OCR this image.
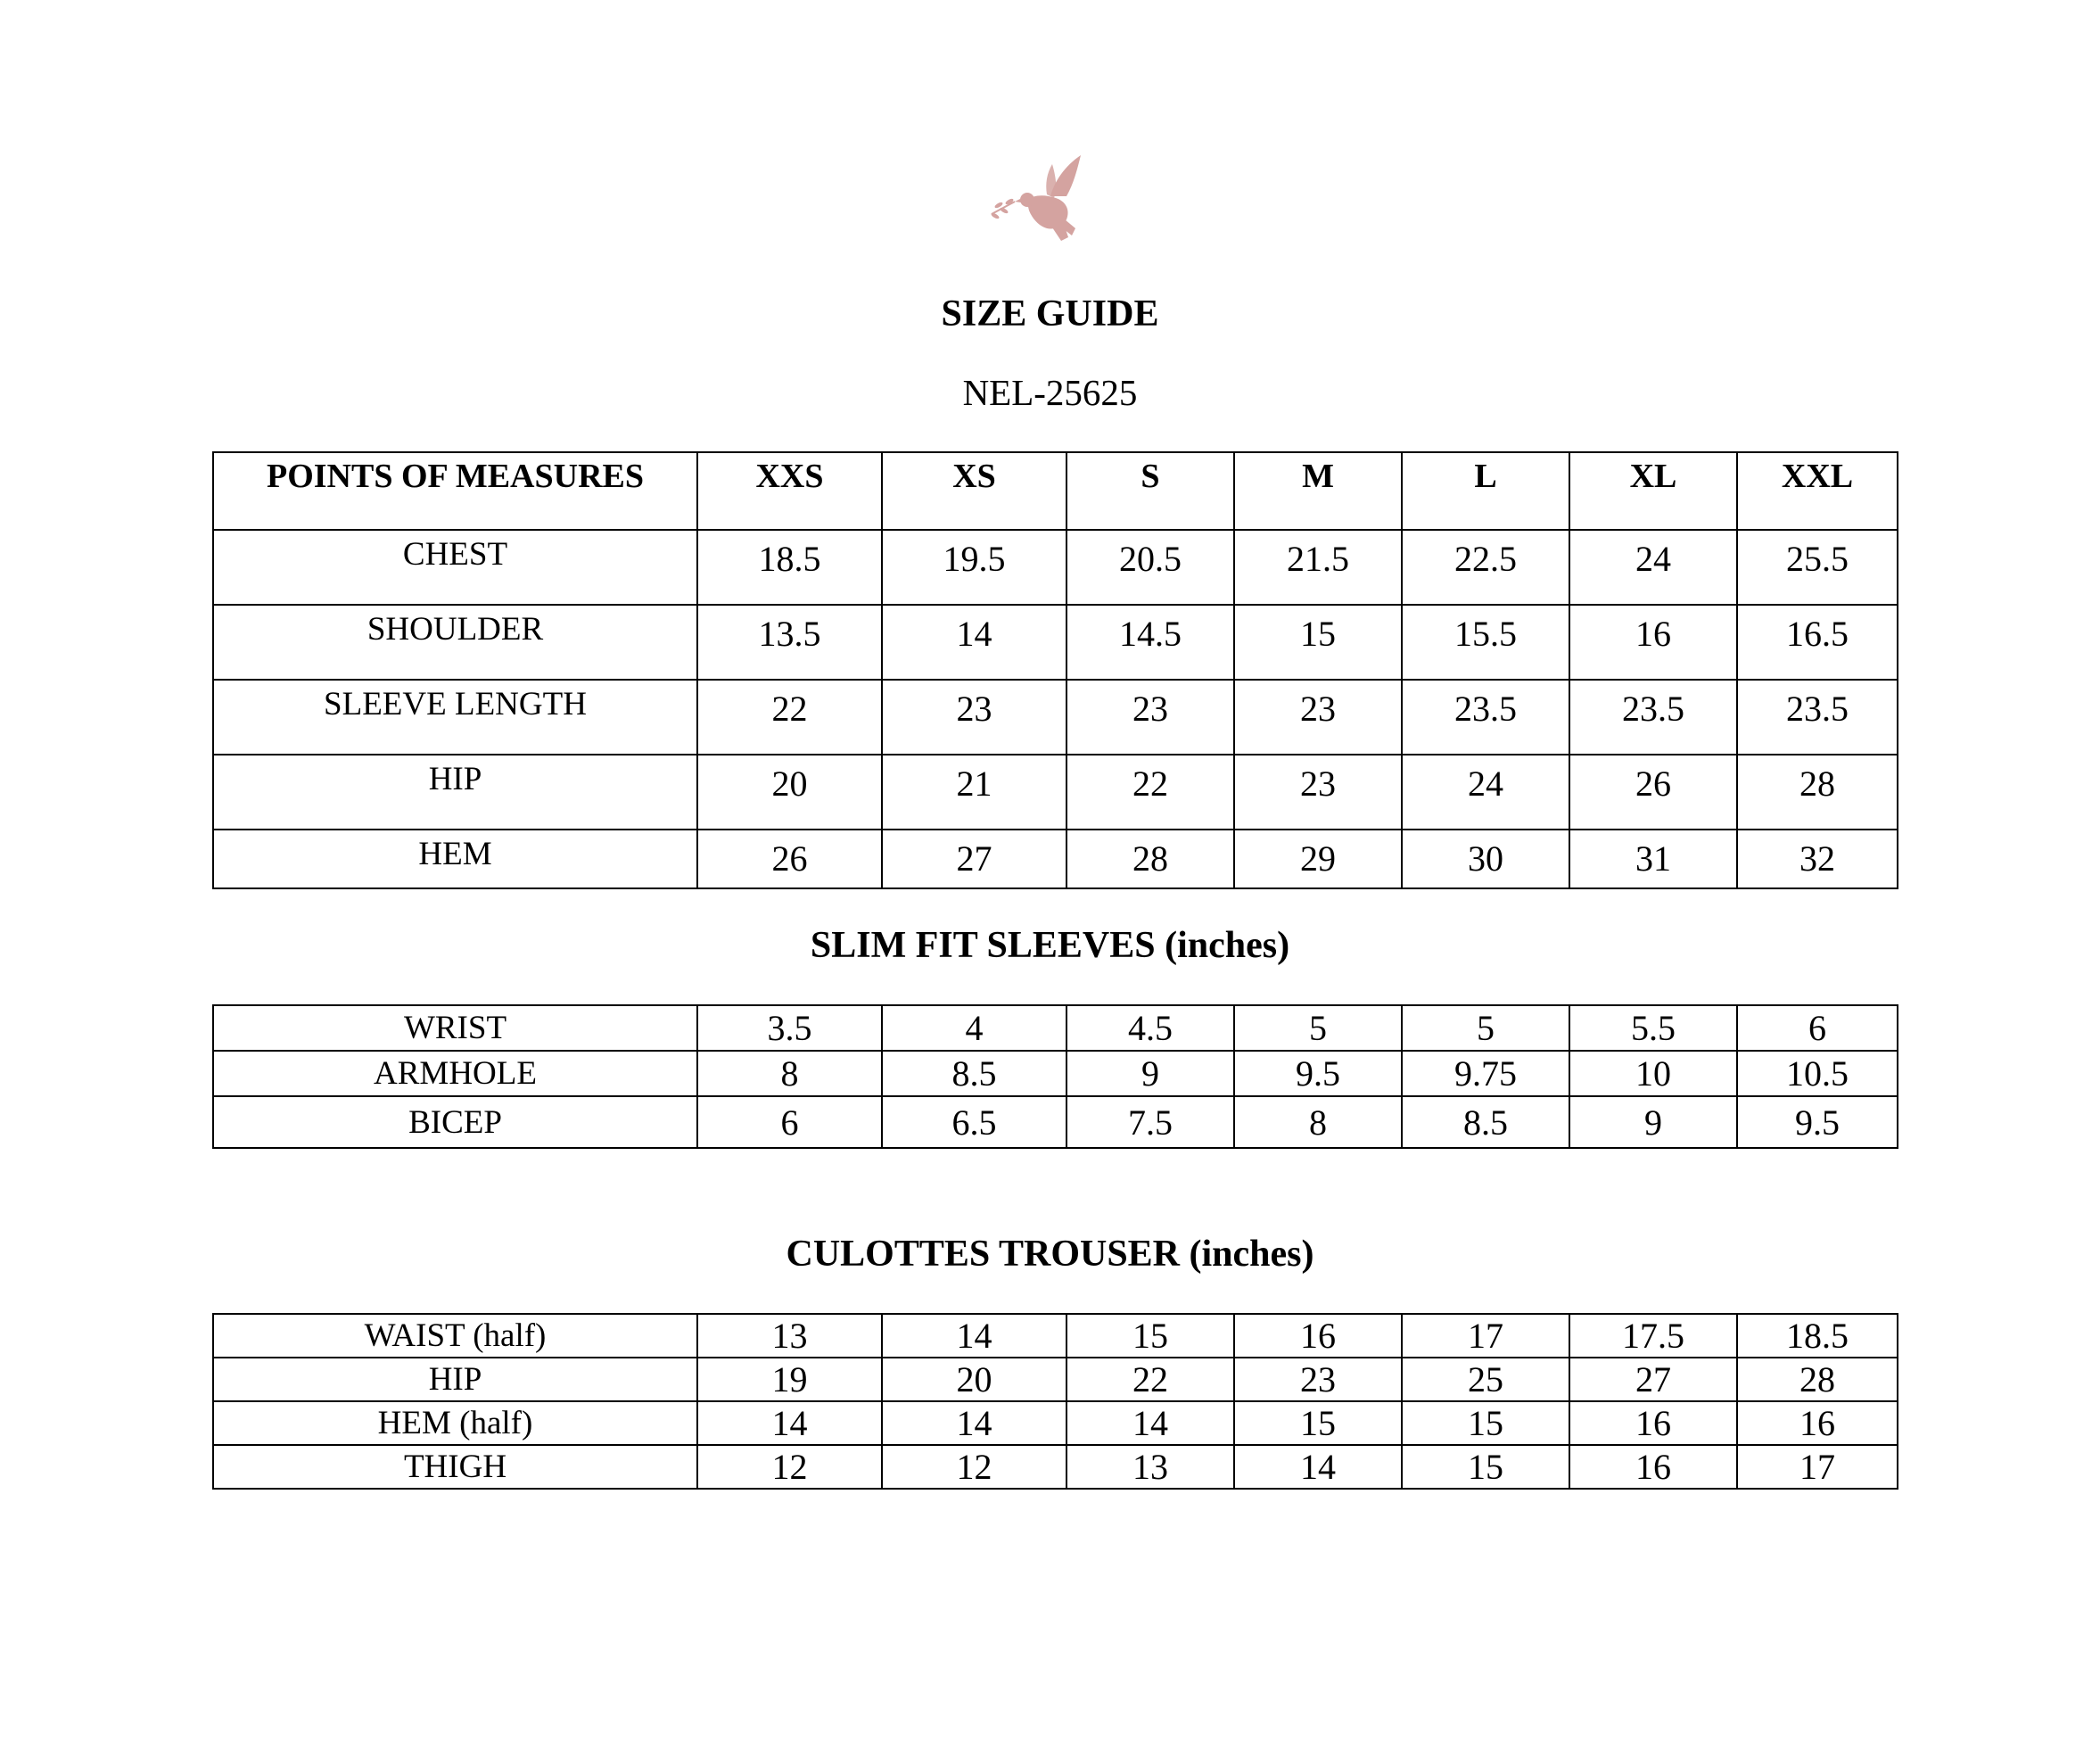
SIZE GUIDE
NEL-25625
POINTS OF MEASURES	XXS	XS	S	M	L	XL	XXL
CHEST	18.5	19.5	20.5	21.5	22.5	24	25.5
SHOULDER	13.5	14	14.5	15	15.5	16	16.5
SLEEVE LENGTH	22	23	23	23	23.5	23.5	23.5
HIP	20	21	22	23	24	26	28
HEM	26	27	28	29	30	31	32
SLIM FIT SLEEVES (inches)
WRIST	3.5	4	4.5	5	5	5.5	6
ARMHOLE	8	8.5	9	9.5	9.75	10	10.5
BICEP	6	6.5	7.5	8	8.5	9	9.5
CULOTTES TROUSER (inches)
WAIST (half)	13	14	15	16	17	17.5	18.5
HIP	19	20	22	23	25	27	28
HEM (half)	14	14	14	15	15	16	16
THIGH	12	12	13	14	15	16	17
